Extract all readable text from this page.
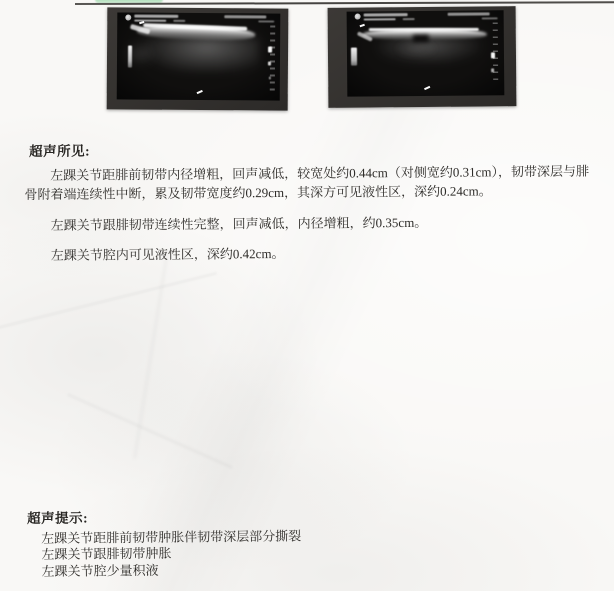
超声所见:

左踝关节距腓前韧带内径增粗，回声减低，较宽处约0.44cm（对侧宽约0.31cm），韧带深层与腓骨附着端连续性中断，累及韧带宽度约0.29cm，其深方可见液性区，深约0.24cm。

左踝关节跟腓韧带连续性完整，回声减低，内径增粗，约0.35cm。

左踝关节腔内可见液性区，深约0.42cm。

超声提示:

左踝关节距腓前韧带肿胀伴韧带深层部分撕裂

左踝关节跟腓韧带肿胀

左踝关节腔少量积液
